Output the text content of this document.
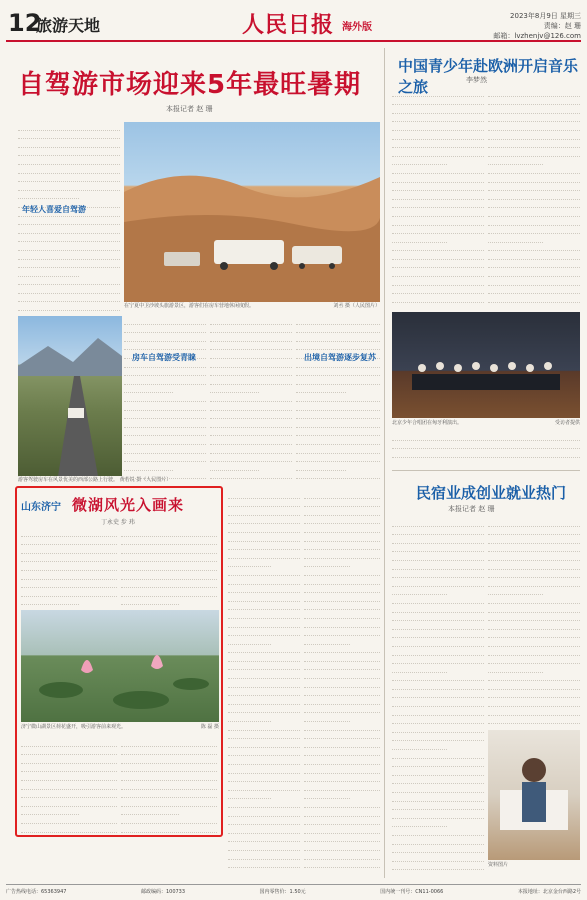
12
旅游天地	人民日报 海外版
2023年8月9日 星期三
责编：赵 珊
邮箱：lvzhenjv@126.com
自驾游市场迎来5年最旺暑期
本报记者 赵 珊
年轻人喜爱自驾游
在宁夏中卫沙坡头旅游景区，游客们在房车营地休闲度假。	刘丞 摄（人民图片）
游客驾驶房车在风景优美的西部公路上行驶。 黄若锐 摄（人民图片）
房车自驾游受青睐	出境自驾游逐步复苏
山东济宁 微湖风光入画来
丁永史 步 玮
济宁微山湖景区荷花盛开，吸引游客前来观光。	陈 磊 摄
中国青少年赴欧洲开启音乐之旅	李梦然
北京少年合唱团在匈牙利演出。	受访者提供
民宿业成创业就业热门
本报记者 赵 珊
资料图片
广告热线电话：65363947	邮政编码：100733	国内零售价：1.50元	国内统一刊号：CN11-0066	本报地址：北京金台西路2号
